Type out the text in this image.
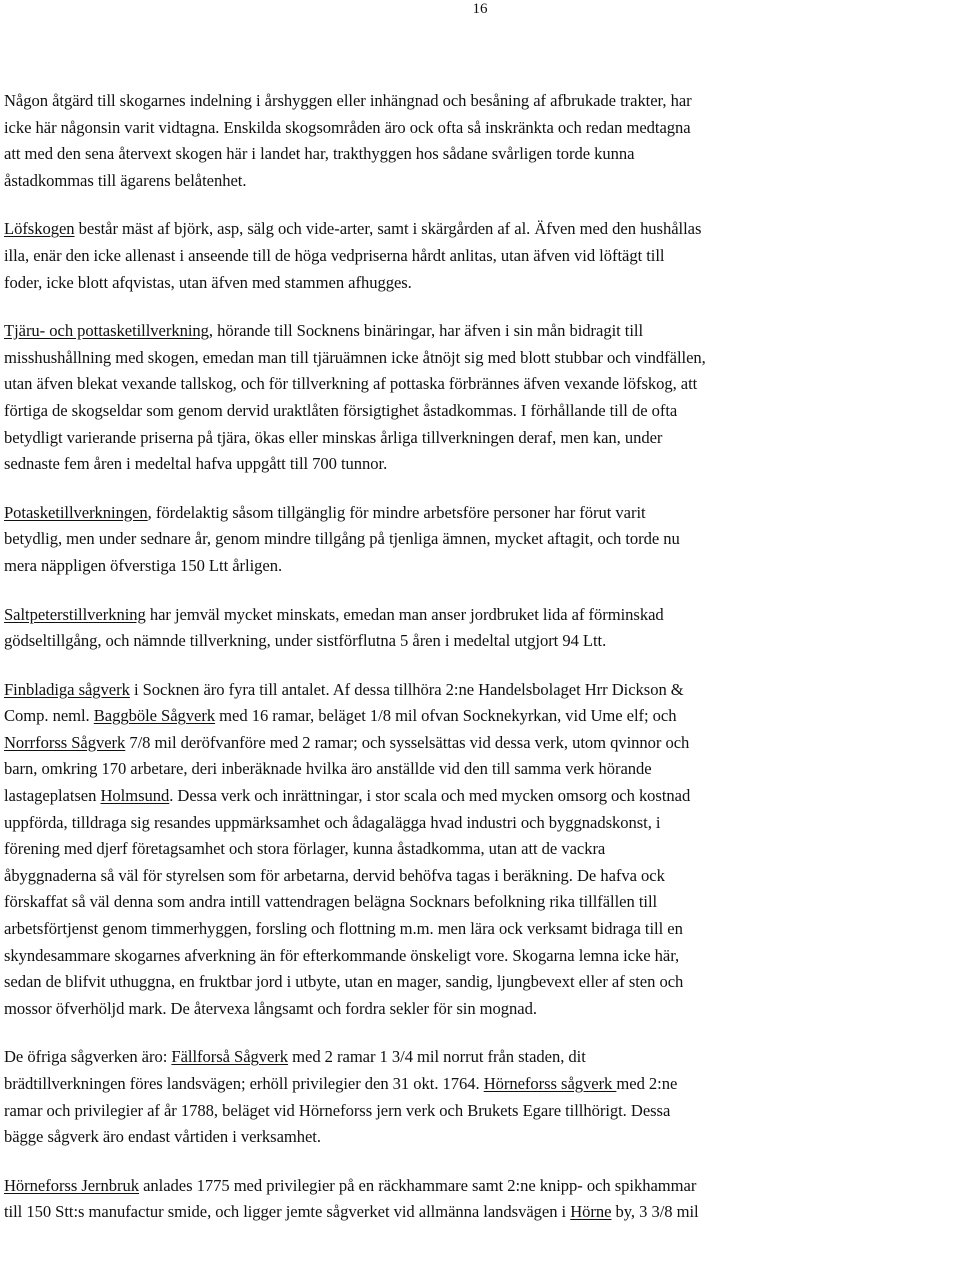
16

Någon åtgärd till skogarnes indelning i årshyggen eller inhängnad och besåning af afbrukade trakter, har
icke här någonsin varit vidtagna. Enskilda skogsområden äro ock ofta så inskränkta och redan medtagna
att med den sena återvext skogen här i landet har, trakthyggen hos sådane svårligen torde kunna
åstadkommas till ägarens belåtenhet.

Löfskogen består mäst af björk, asp, sälg och vide-arter, samt i skärgården af al. Äfven med den hushållas
illa, enär den icke allenast i anseende till de höga vedpriserna hårdt anlitas, utan äfven vid löftägt till
foder, icke blott afqvistas, utan äfven med stammen afhugges.

Tjäru- och pottasketillverkning, hörande till Socknens binäringar, har äfven i sin mån bidragit till
misshushållning med skogen, emedan man till tjäruämnen icke åtnöjt sig med blott stubbar och vindfällen,
utan äfven blekat vexande tallskog, och för tillverkning af pottaska förbrännes äfven vexande löfskog, att
förtiga de skogseldar som genom dervid uraktlåten försigtighet åstadkommas. I förhållande till de ofta
betydligt varierande priserna på tjära, ökas eller minskas årliga tillverkningen deraf, men kan, under
sednaste fem åren i medeltal hafva uppgått till 700 tunnor.

Potasketillverkningen, fördelaktig såsom tillgänglig för mindre arbetsföre personer har förut varit
betydlig, men under sednare år, genom mindre tillgång på tjenliga ämnen, mycket aftagit, och torde nu
mera näppligen öfverstiga 150 Ltt årligen.

Saltpeterstillverkning har jemväl mycket minskats, emedan man anser jordbruket lida af förminskad
gödseltillgång, och nämnde tillverkning, under sistförflutna 5 åren i medeltal utgjort 94 Ltt.

Finbladiga sågverk i Socknen äro fyra till antalet. Af dessa tillhöra 2:ne Handelsbolaget Hrr Dickson &
Comp. neml. Baggböle Sågverk med 16 ramar, beläget 1/8 mil ofvan Socknekyrkan, vid Ume elf; och
Norrforss Sågverk 7/8 mil deröfvanföre med 2 ramar; och sysselsättas vid dessa verk, utom qvinnor och
barn, omkring 170 arbetare, deri inberäknade hvilka äro anställde vid den till samma verk hörande
lastageplatsen Holmsund. Dessa verk och inrättningar, i stor scala och med mycken omsorg och kostnad
uppförda, tilldraga sig resandes uppmärksamhet och ådagalägga hvad industri och byggnadskonst, i
förening med djerf företagsamhet och stora förlager, kunna åstadkomma, utan att de vackra
åbyggnaderna så väl för styrelsen som för arbetarna, dervid behöfva tagas i beräkning. De hafva ock
förskaffat så väl denna som andra intill vattendragen belägna Socknars befolkning rika tillfällen till
arbetsförtjenst genom timmerhyggen, forsling och flottning m.m. men lära ock verksamt bidraga till en
skyndesammare skogarnes afverkning än för efterkommande önskeligt vore. Skogarna lemna icke här,
sedan de blifvit uthuggna, en fruktbar jord i utbyte, utan en mager, sandig, ljungbevext eller af sten och
mossor öfverhöljd mark. De återvexa långsamt och fordra sekler för sin mognad.

De öfriga sågverken äro: Fällforså Sågverk med 2 ramar 1 3/4 mil norrut från staden, dit
brädtillverkningen föres landsvägen; erhöll privilegier den 31 okt. 1764. Hörneforss sågverk med 2:ne
ramar och privilegier af år 1788, beläget vid Hörneforss jern verk och Brukets Egare tillhörigt. Dessa
bägge sågverk äro endast vårtiden i verksamhet.

Hörneforss Jernbruk anlades 1775 med privilegier på en räckhammare samt 2:ne knipp- och spikhammar
till 150 Stt:s manufactur smide, och ligger jemte sågverket vid allmänna landsvägen i Hörne by, 3 3/8 mil
